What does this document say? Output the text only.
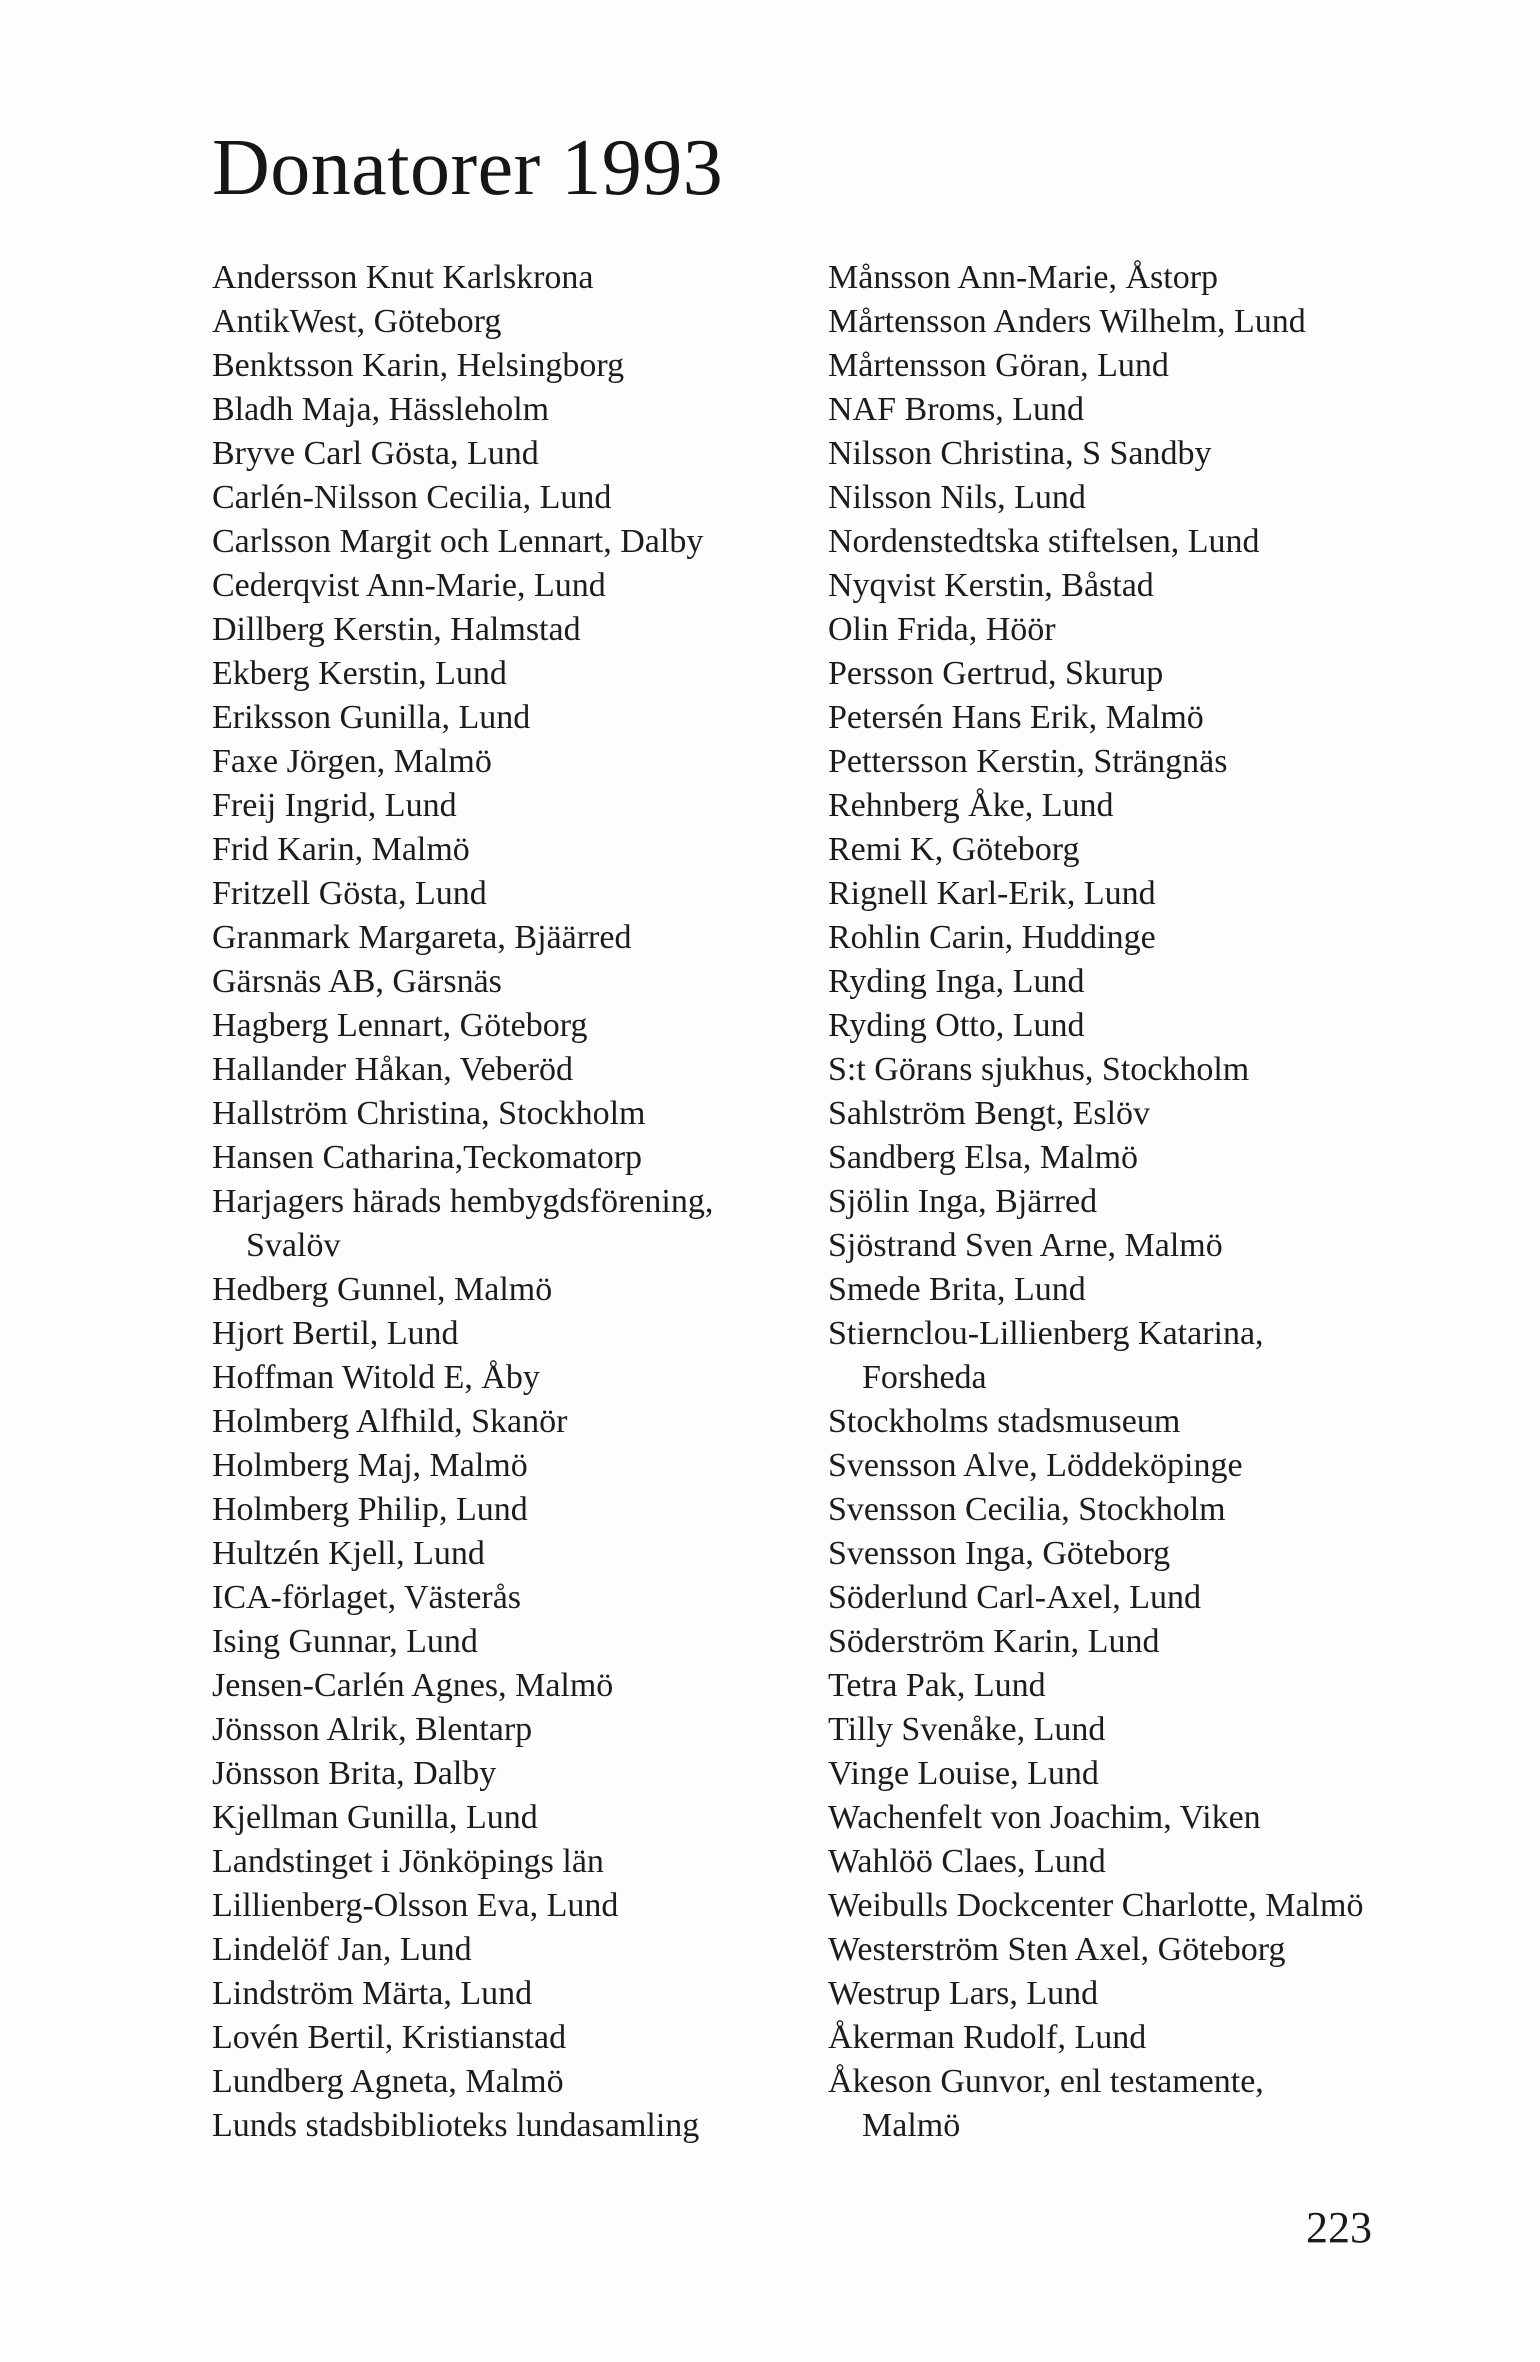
Donatorer 1993
Andersson Knut Karlskrona
AntikWest, Göteborg
Benktsson Karin, Helsingborg
Bladh Maja, Hässleholm
Bryve Carl Gösta, Lund
Carlén-Nilsson Cecilia, Lund
Carlsson Margit och Lennart, Dalby
Cederqvist Ann-Marie, Lund
Dillberg Kerstin, Halmstad
Ekberg Kerstin, Lund
Eriksson Gunilla, Lund
Faxe Jörgen, Malmö
Freij Ingrid, Lund
Frid Karin, Malmö
Fritzell Gösta, Lund
Granmark Margareta, Bjäärred
Gärsnäs AB, Gärsnäs
Hagberg Lennart, Göteborg
Hallander Håkan, Veberöd
Hallström Christina, Stockholm
Hansen Catharina,Teckomatorp
Harjagers härads hembygdsförening,
Svalöv
Hedberg Gunnel, Malmö
Hjort Bertil, Lund
Hoffman Witold E, Åby
Holmberg Alfhild, Skanör
Holmberg Maj, Malmö
Holmberg Philip, Lund
Hultzén Kjell, Lund
ICA-förlaget, Västerås
Ising Gunnar, Lund
Jensen-Carlén Agnes, Malmö
Jönsson Alrik, Blentarp
Jönsson Brita, Dalby
Kjellman Gunilla, Lund
Landstinget i Jönköpings län
Lillienberg-Olsson Eva, Lund
Lindelöf Jan, Lund
Lindström Märta, Lund
Lovén Bertil, Kristianstad
Lundberg Agneta, Malmö
Lunds stadsbiblioteks lundasamling
Månsson Ann-Marie, Åstorp
Mårtensson Anders Wilhelm, Lund
Mårtensson Göran, Lund
NAF Broms, Lund
Nilsson Christina, S Sandby
Nilsson Nils, Lund
Nordenstedtska stiftelsen, Lund
Nyqvist Kerstin, Båstad
Olin Frida, Höör
Persson Gertrud, Skurup
Petersén Hans Erik, Malmö
Pettersson Kerstin, Strängnäs
Rehnberg Åke, Lund
Remi K, Göteborg
Rignell Karl-Erik, Lund
Rohlin Carin, Huddinge
Ryding Inga, Lund
Ryding Otto, Lund
S:t Görans sjukhus, Stockholm
Sahlström Bengt, Eslöv
Sandberg Elsa, Malmö
Sjölin Inga, Bjärred
Sjöstrand Sven Arne, Malmö
Smede Brita, Lund
Stiernclou-Lillienberg Katarina,
Forsheda
Stockholms stadsmuseum
Svensson Alve, Löddeköpinge
Svensson Cecilia, Stockholm
Svensson Inga, Göteborg
Söderlund Carl-Axel, Lund
Söderström Karin, Lund
Tetra Pak, Lund
Tilly Svenåke, Lund
Vinge Louise, Lund
Wachenfelt von Joachim, Viken
Wahlöö Claes, Lund
Weibulls Dockcenter Charlotte, Malmö
Westerström Sten Axel, Göteborg
Westrup Lars, Lund
Åkerman Rudolf, Lund
Åkeson Gunvor, enl testamente,
Malmö
223
